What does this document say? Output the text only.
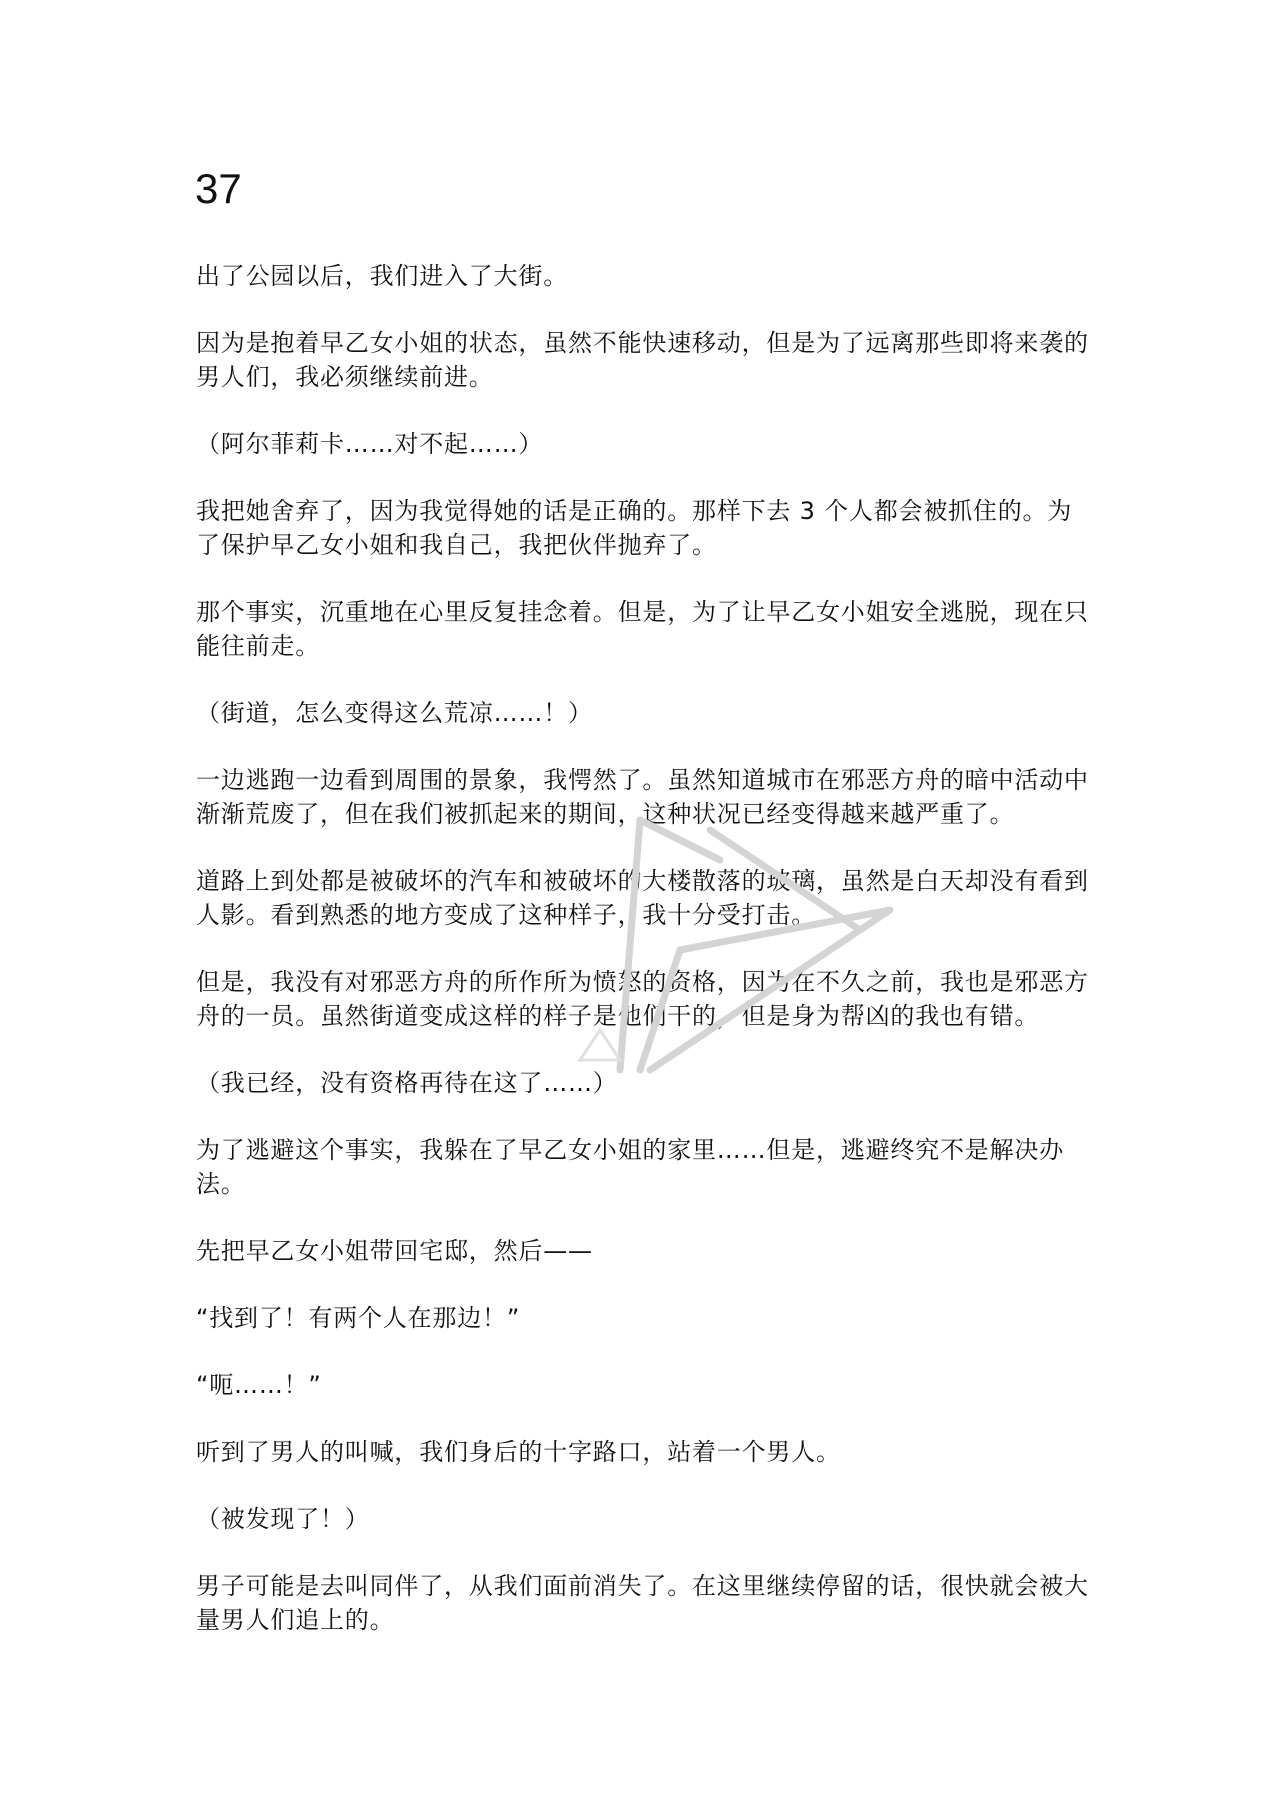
37

出了公园以后，我们进入了大街。

因为是抱着早乙女小姐的状态，虽然不能快速移动，但是为了远离那些即将来袭的男人们，我必须继续前进。

（阿尔菲莉卡……对不起……）

我把她舍弃了，因为我觉得她的话是正确的。那样下去 3 个人都会被抓住的。为了保护早乙女小姐和我自己，我把伙伴抛弃了。

那个事实，沉重地在心里反复挂念着。但是，为了让早乙女小姐安全逃脱，现在只能往前走。

（街道，怎么变得这么荒凉……！）

一边逃跑一边看到周围的景象，我愕然了。虽然知道城市在邪恶方舟的暗中活动中渐渐荒废了，但在我们被抓起来的期间，这种状况已经变得越来越严重了。

道路上到处都是被破坏的汽车和被破坏的大楼散落的玻璃，虽然是白天却没有看到人影。看到熟悉的地方变成了这种样子，我十分受打击。

但是，我没有对邪恶方舟的所作所为愤怒的资格，因为在不久之前，我也是邪恶方舟的一员。虽然街道变成这样的样子是他们干的，但是身为帮凶的我也有错。

（我已经，没有资格再待在这了……）

为了逃避这个事实，我躲在了早乙女小姐的家里……但是，逃避终究不是解决办法。

先把早乙女小姐带回宅邸，然后——

“找到了！有两个人在那边！”

“呃……！”

听到了男人的叫喊，我们身后的十字路口，站着一个男人。

（被发现了！）

男子可能是去叫同伴了，从我们面前消失了。在这里继续停留的话，很快就会被大量男人们追上的。
